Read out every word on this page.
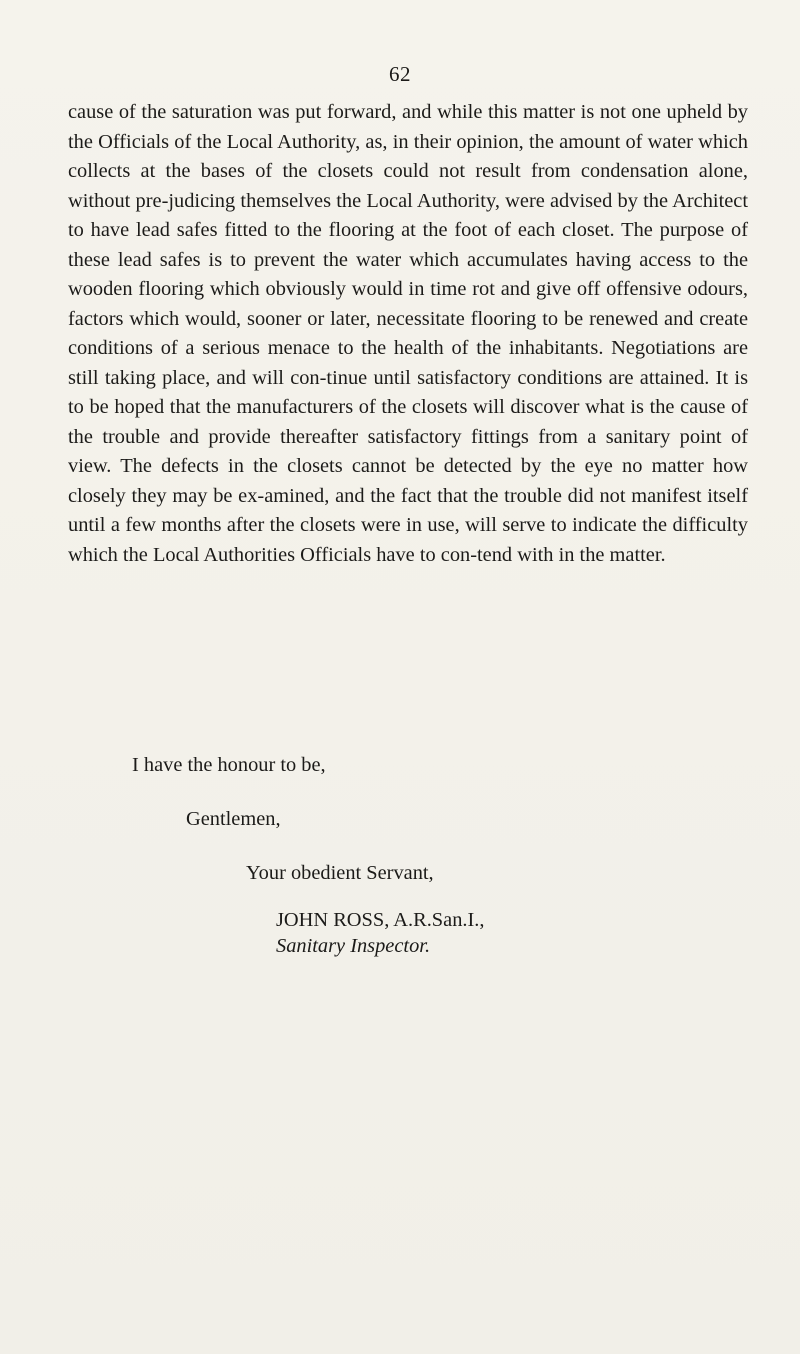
62

cause of the saturation was put forward, and while this matter is not one upheld by the Officials of the Local Authority, as, in their opinion, the amount of water which collects at the bases of the closets could not result from condensation alone, without pre-judicing themselves the Local Authority, were advised by the Architect to have lead safes fitted to the flooring at the foot of each closet. The purpose of these lead safes is to prevent the water which accumulates having access to the wooden flooring which obviously would in time rot and give off offensive odours, factors which would, sooner or later, necessitate flooring to be renewed and create conditions of a serious menace to the health of the inhabitants. Negotiations are still taking place, and will con-tinue until satisfactory conditions are attained. It is to be hoped that the manufacturers of the closets will discover what is the cause of the trouble and provide thereafter satisfactory fittings from a sanitary point of view. The defects in the closets cannot be detected by the eye no matter how closely they may be ex-amined, and the fact that the trouble did not manifest itself until a few months after the closets were in use, will serve to indicate the difficulty which the Local Authorities Officials have to con-tend with in the matter.

I have the honour to be,
Gentlemen,
Your obedient Servant,
JOHN ROSS, A.R.San.I.,
Sanitary Inspector.
